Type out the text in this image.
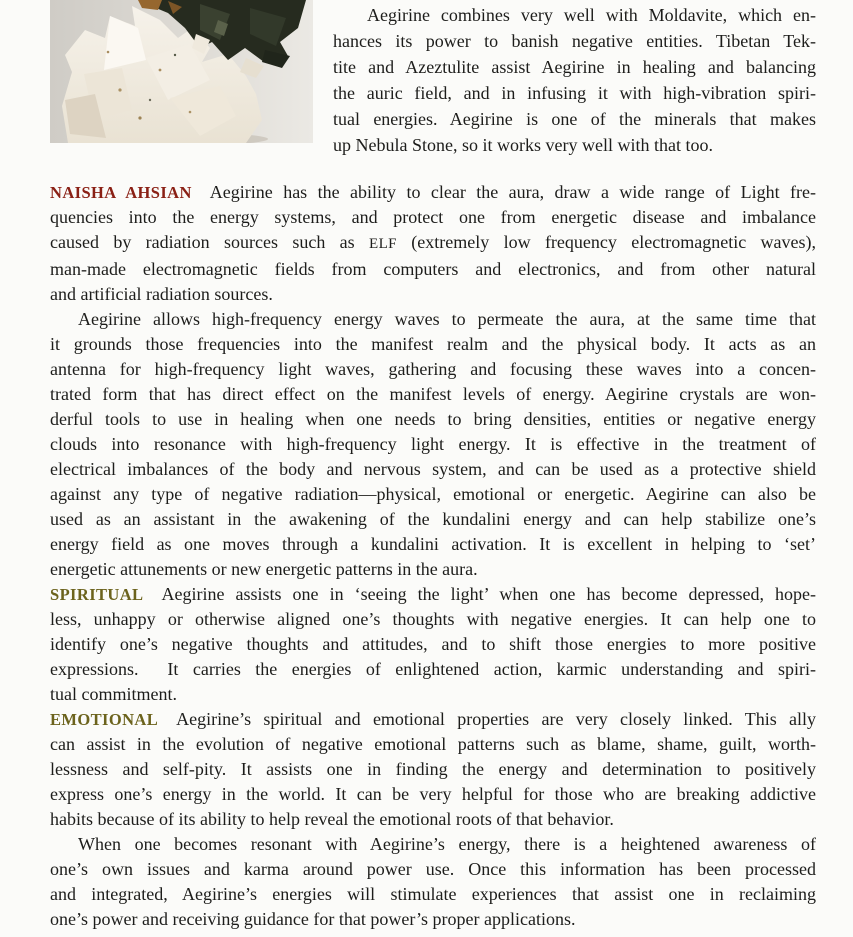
Aegirine combines very well with Moldavite, which en-
hances its power to banish negative entities. Tibetan Tek-
tite and Azeztulite assist Aegirine in healing and balancing
the auric field, and in infusing it with high-vibration spiri-
tual energies. Aegirine is one of the minerals that makes
up Nebula Stone, so it works very well with that too.
NAISHA AHSIAN Aegirine has the ability to clear the aura, draw a wide range of Light fre-
quencies into the energy systems, and protect one from energetic disease and imbalance
caused by radiation sources such as ELF (extremely low frequency electromagnetic waves),
man-made electromagnetic fields from computers and electronics, and from other natural
and artificial radiation sources.
Aegirine allows high-frequency energy waves to permeate the aura, at the same time that
it grounds those frequencies into the manifest realm and the physical body. It acts as an
antenna for high-frequency light waves, gathering and focusing these waves into a concen-
trated form that has direct effect on the manifest levels of energy. Aegirine crystals are won-
derful tools to use in healing when one needs to bring densities, entities or negative energy
clouds into resonance with high-frequency light energy. It is effective in the treatment of
electrical imbalances of the body and nervous system, and can be used as a protective shield
against any type of negative radiation—physical, emotional or energetic. Aegirine can also be
used as an assistant in the awakening of the kundalini energy and can help stabilize one’s
energy field as one moves through a kundalini activation. It is excellent in helping to ‘set’
energetic attunements or new energetic patterns in the aura.
SPIRITUAL Aegirine assists one in ‘seeing the light’ when one has become depressed, hope-
less, unhappy or otherwise aligned one’s thoughts with negative energies. It can help one to
identify one’s negative thoughts and attitudes, and to shift those energies to more positive
expressions.  It carries the energies of enlightened action, karmic understanding and spiri-
tual commitment.
EMOTIONAL Aegirine’s spiritual and emotional properties are very closely linked. This ally
can assist in the evolution of negative emotional patterns such as blame, shame, guilt, worth-
lessness and self-pity. It assists one in finding the energy and determination to positively
express one’s energy in the world. It can be very helpful for those who are breaking addictive
habits because of its ability to help reveal the emotional roots of that behavior.
When one becomes resonant with Aegirine’s energy, there is a heightened awareness of
one’s own issues and karma around power use. Once this information has been processed
and integrated, Aegirine’s energies will stimulate experiences that assist one in reclaiming
one’s power and receiving guidance for that power’s proper applications.
